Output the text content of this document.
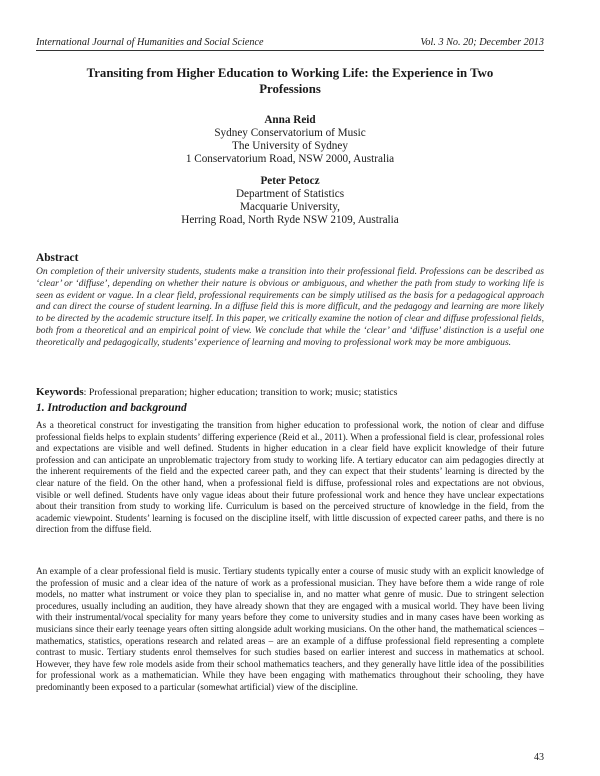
International Journal of Humanities and Social Science	Vol. 3 No. 20; December 2013
Transiting from Higher Education to Working Life: the Experience in Two Professions
Anna Reid
Sydney Conservatorium of Music
The University of Sydney
1 Conservatorium Road, NSW 2000, Australia
Peter Petocz
Department of Statistics
Macquarie University,
Herring Road, North Ryde NSW 2109, Australia
Abstract
On completion of their university students, students make a transition into their professional field. Professions can be described as ‘clear’ or ‘diffuse’, depending on whether their nature is obvious or ambiguous, and whether the path from study to working life is seen as evident or vague. In a clear field, professional requirements can be simply utilised as the basis for a pedagogical approach and can direct the course of student learning. In a diffuse field this is more difficult, and the pedagogy and learning are more likely to be directed by the academic structure itself. In this paper, we critically examine the notion of clear and diffuse professional fields, both from a theoretical and an empirical point of view. We conclude that while the ‘clear’ and ‘diffuse’ distinction is a useful one theoretically and pedagogically, students’ experience of learning and moving to professional work may be more ambiguous.
Keywords: Professional preparation; higher education; transition to work; music; statistics
1. Introduction and background
As a theoretical construct for investigating the transition from higher education to professional work, the notion of clear and diffuse professional fields helps to explain students’ differing experience (Reid et al., 2011). When a professional field is clear, professional roles and expectations are visible and well defined. Students in higher education in a clear field have explicit knowledge of their future profession and can anticipate an unproblematic trajectory from study to working life. A tertiary educator can aim pedagogies directly at the inherent requirements of the field and the expected career path, and they can expect that their students’ learning is directed by the clear nature of the field. On the other hand, when a professional field is diffuse, professional roles and expectations are not obvious, visible or well defined. Students have only vague ideas about their future professional work and hence they have unclear expectations about their transition from study to working life. Curriculum is based on the perceived structure of knowledge in the field, from the academic viewpoint. Students’ learning is focused on the discipline itself, with little discussion of expected career paths, and there is no direction from the diffuse field.
An example of a clear professional field is music. Tertiary students typically enter a course of music study with an explicit knowledge of the profession of music and a clear idea of the nature of work as a professional musician. They have before them a wide range of role models, no matter what instrument or voice they plan to specialise in, and no matter what genre of music. Due to stringent selection procedures, usually including an audition, they have already shown that they are engaged with a musical world. They have been living with their instrumental/vocal speciality for many years before they come to university studies and in many cases have been working as musicians since their early teenage years often sitting alongside adult working musicians. On the other hand, the mathematical sciences – mathematics, statistics, operations research and related areas – are an example of a diffuse professional field representing a complete contrast to music. Tertiary students enrol themselves for such studies based on earlier interest and success in mathematics at school. However, they have few role models aside from their school mathematics teachers, and they generally have little idea of the possibilities for professional work as a mathematician. While they have been engaging with mathematics throughout their schooling, they have predominantly been exposed to a particular (somewhat artificial) view of the discipline.
43
